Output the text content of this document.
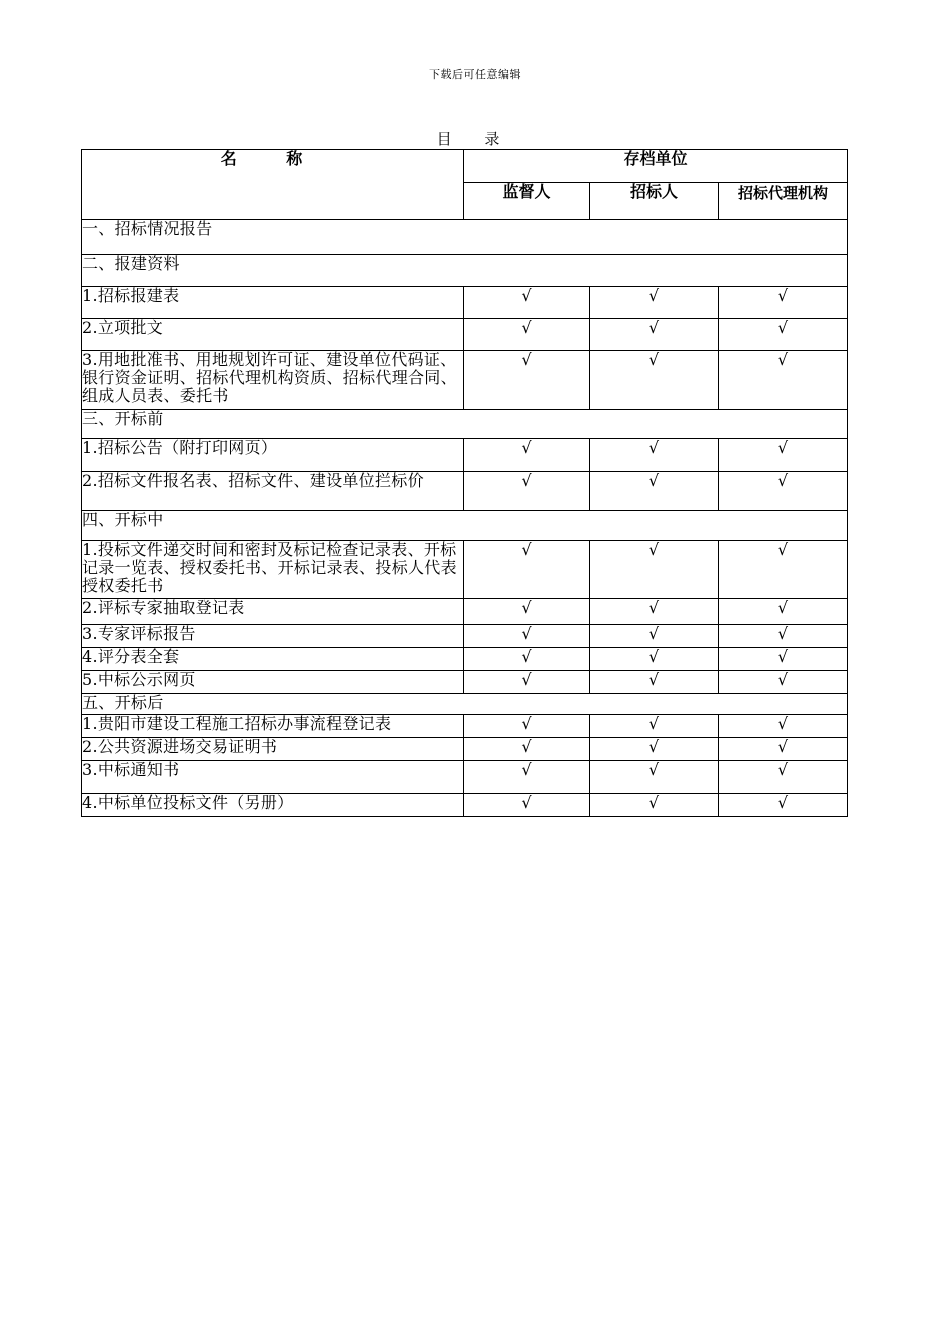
下载后可任意编辑
目 录
名 称	存档单位		
	监督人	招标人	招标代理机构
一、招标情况报告			
二、报建资料			
1.招标报建表	√	√	√
2.立项批文	√	√	√
3.用地批准书、用地规划许可证、建设单位代码证、银行资金证明、招标代理机构资质、招标代理合同、组成人员表、委托书	√	√	√
三、开标前			
1.招标公告（附打印网页）	√	√	√
2.招标文件报名表、招标文件、建设单位拦标价	√	√	√
四、开标中			
1.投标文件递交时间和密封及标记检查记录表、开标记录一览表、授权委托书、开标记录表、投标人代表授权委托书	√	√	√
2.评标专家抽取登记表	√	√	√
3.专家评标报告	√	√	√
4.评分表全套	√	√	√
5.中标公示网页	√	√	√
五、开标后			
1.贵阳市建设工程施工招标办事流程登记表	√	√	√
2.公共资源进场交易证明书	√	√	√
3.中标通知书	√	√	√
4.中标单位投标文件（另册）	√	√	√
